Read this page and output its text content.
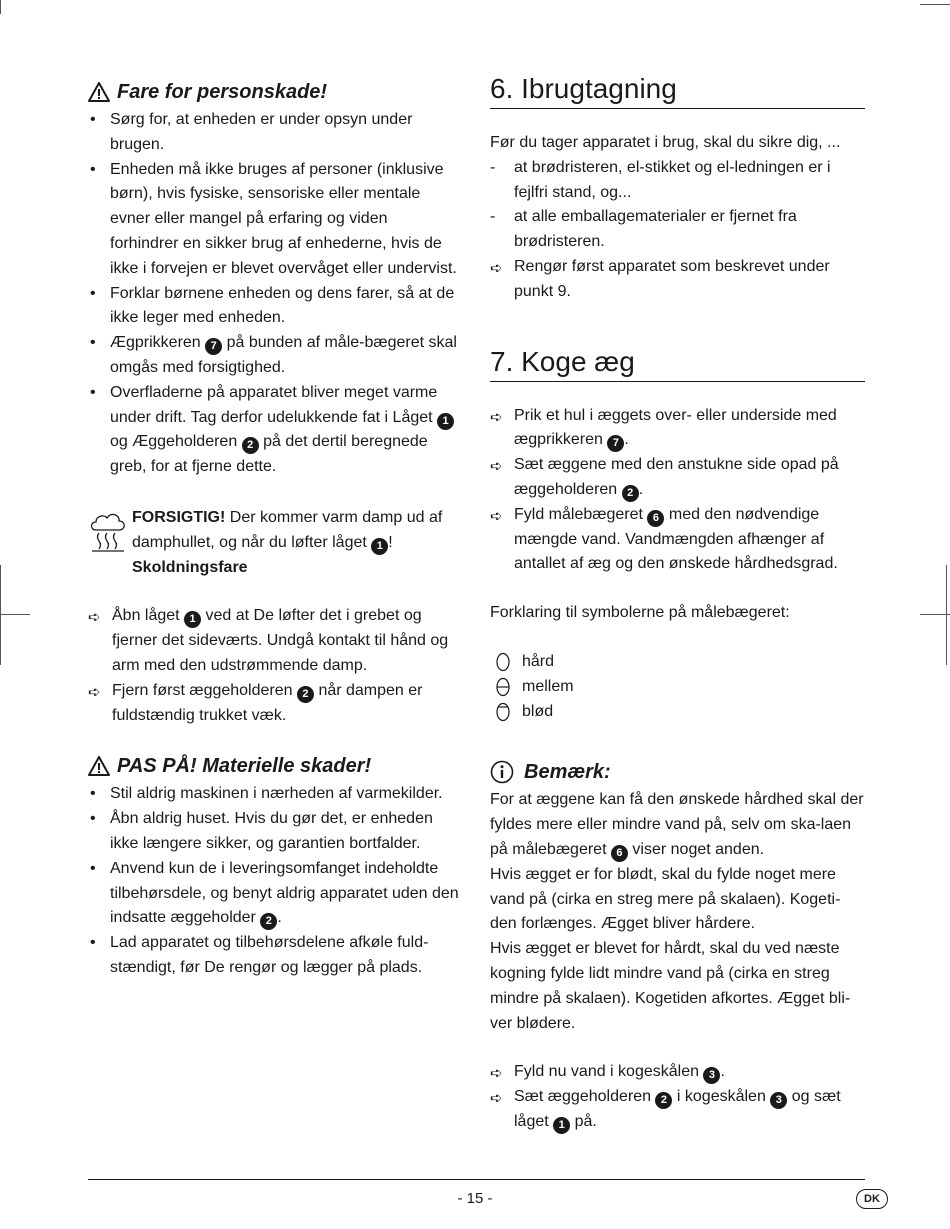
Fare for personskade!
• Sørg for, at enheden er under opsyn under brugen.
• Enheden må ikke bruges af personer (inklusive børn), hvis fysiske, sensoriske eller mentale evner eller mangel på erfaring og viden forhindrer en sikker brug af enhederne, hvis de ikke i forvejen er blevet overvåget eller undervist.
• Forklar børnene enheden og dens farer, så at de ikke leger med enheden.
• Ægprikkeren 7 på bunden af måle-bægeret skal omgås med forsigtighed.
• Overfladerne på apparatet bliver meget varme under drift. Tag derfor udelukkende fat i Låget 1 og Æggeholderen 2 på det dertil beregnede greb, for at fjerne dette.
FORSIGTIG! Der kommer varm damp ud af damphullet, og når du løfter låget 1 !
Skoldningsfare
➪ Åbn låget 1 ved at De løfter det i grebet og fjerner det sideværts. Undgå kontakt til hånd og arm med den udstrømmende damp.
➪ Fjern først æggeholderen 2 når dampen er fuldstændig trukket væk.
PAS PÅ! Materielle skader!
• Stil aldrig maskinen i nærheden af varmekilder.
• Åbn aldrig huset. Hvis du gør det, er enheden ikke længere sikker, og garantien bortfalder.
• Anvend kun de i leveringsomfanget indeholdte tilbehørsdele, og benyt aldrig apparatet uden den indsatte æggeholder 2 .
• Lad apparatet og tilbehørsdelene afkøle fuld-stændigt, før De rengør og lægger på plads.
6. Ibrugtagning

Før du tager apparatet i brug, skal du sikre dig, ...

- at brødristeren, el-stikket og el-ledningen er i fejlfri stand, og...
- at alle emballagematerialer er fjernet fra brødristeren.
➪ Rengør først apparatet som beskrevet under punkt 9.
7. Koge æg
➪ Prik et hul i æggets over- eller underside med ægprikkeren 7 .
➪ Sæt æggene med den anstukne side opad på æggeholderen 2 .
➪ Fyld målebægeret 6 med den nødvendige mængde vand. Vandmængden afhænger af antallet af æg og den ønskede hårdhedsgrad.

Forklaring til symbolerne på målebægeret:

hård
mellem
blød
Bemærk:

For at æggene kan få den ønskede hårdhed skal der fyldes mere eller mindre vand på, selv om ska-laen på målebægeret 6 viser noget anden.

Hvis ægget er for blødt, skal du fylde noget mere vand på (cirka en streg mere på skalaen). Kogeti-den forlænges. Ægget bliver hårdere.

Hvis ægget er blevet for hårdt, skal du ved næste kogning fylde lidt mindre vand på (cirka en streg mindre på skalaen). Kogetiden afkortes. Ægget bli-ver blødere.

➪ Fyld nu vand i kogeskålen 3 .
➪ Sæt æggeholderen 2 i kogeskålen 3 og sæt låget 1 på.
- 15 -	DK
